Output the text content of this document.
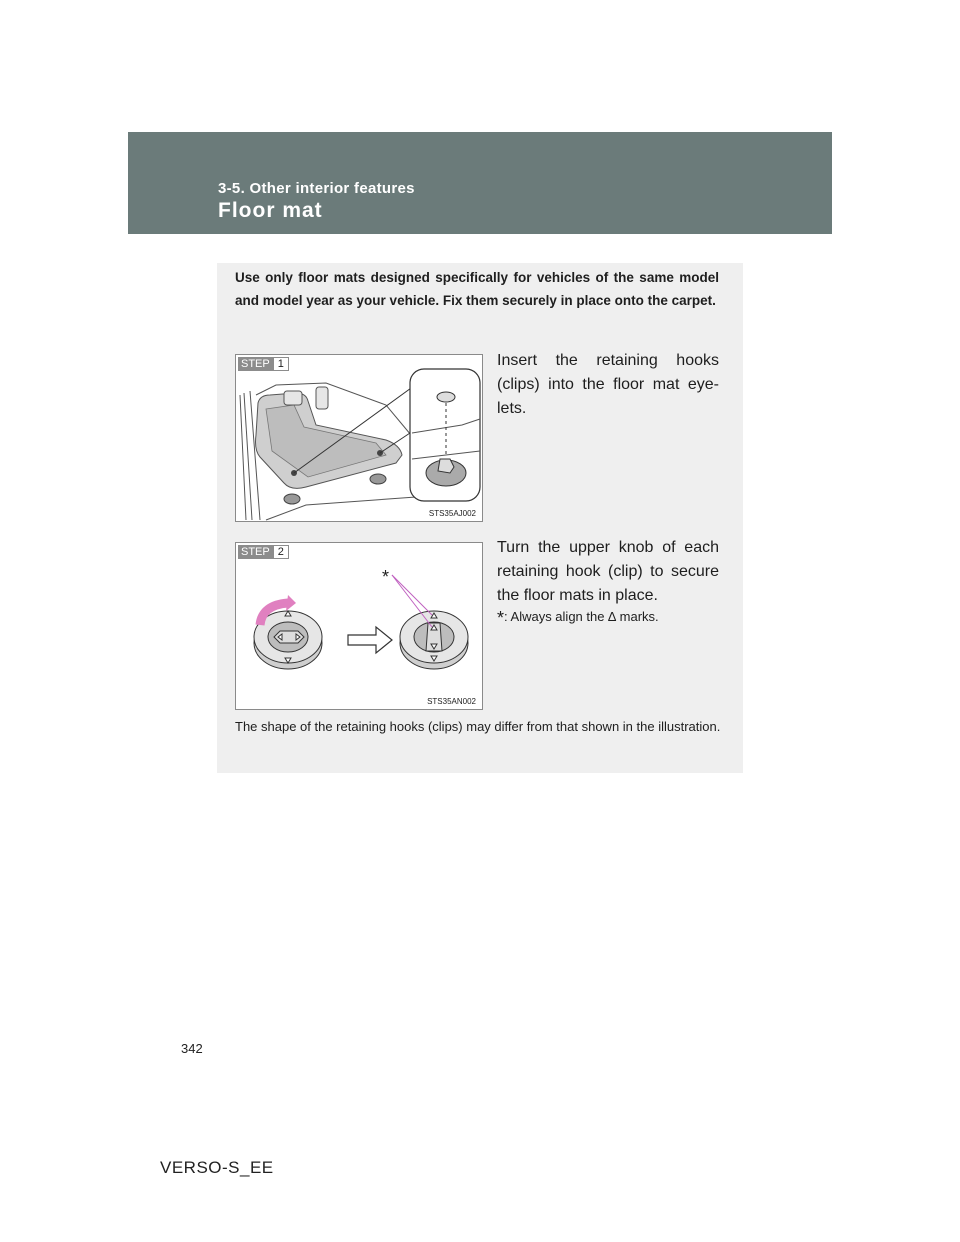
3-5. Other interior features

Floor mat

Use only floor mats designed specifically for vehicles of the same model and model year as your vehicle. Fix them securely in place onto the carpet.

STEP 1
STS35AJ002

Insert the retaining hooks (clips) into the floor mat eye-lets.

*
STEP 2
STS35AN002

Turn the upper knob of each retaining hook (clip) to secure the floor mats in place.

*: Always align the ∆ marks.

The shape of the retaining hooks (clips) may differ from that shown in the illustration.

342
VERSO-S_EE
